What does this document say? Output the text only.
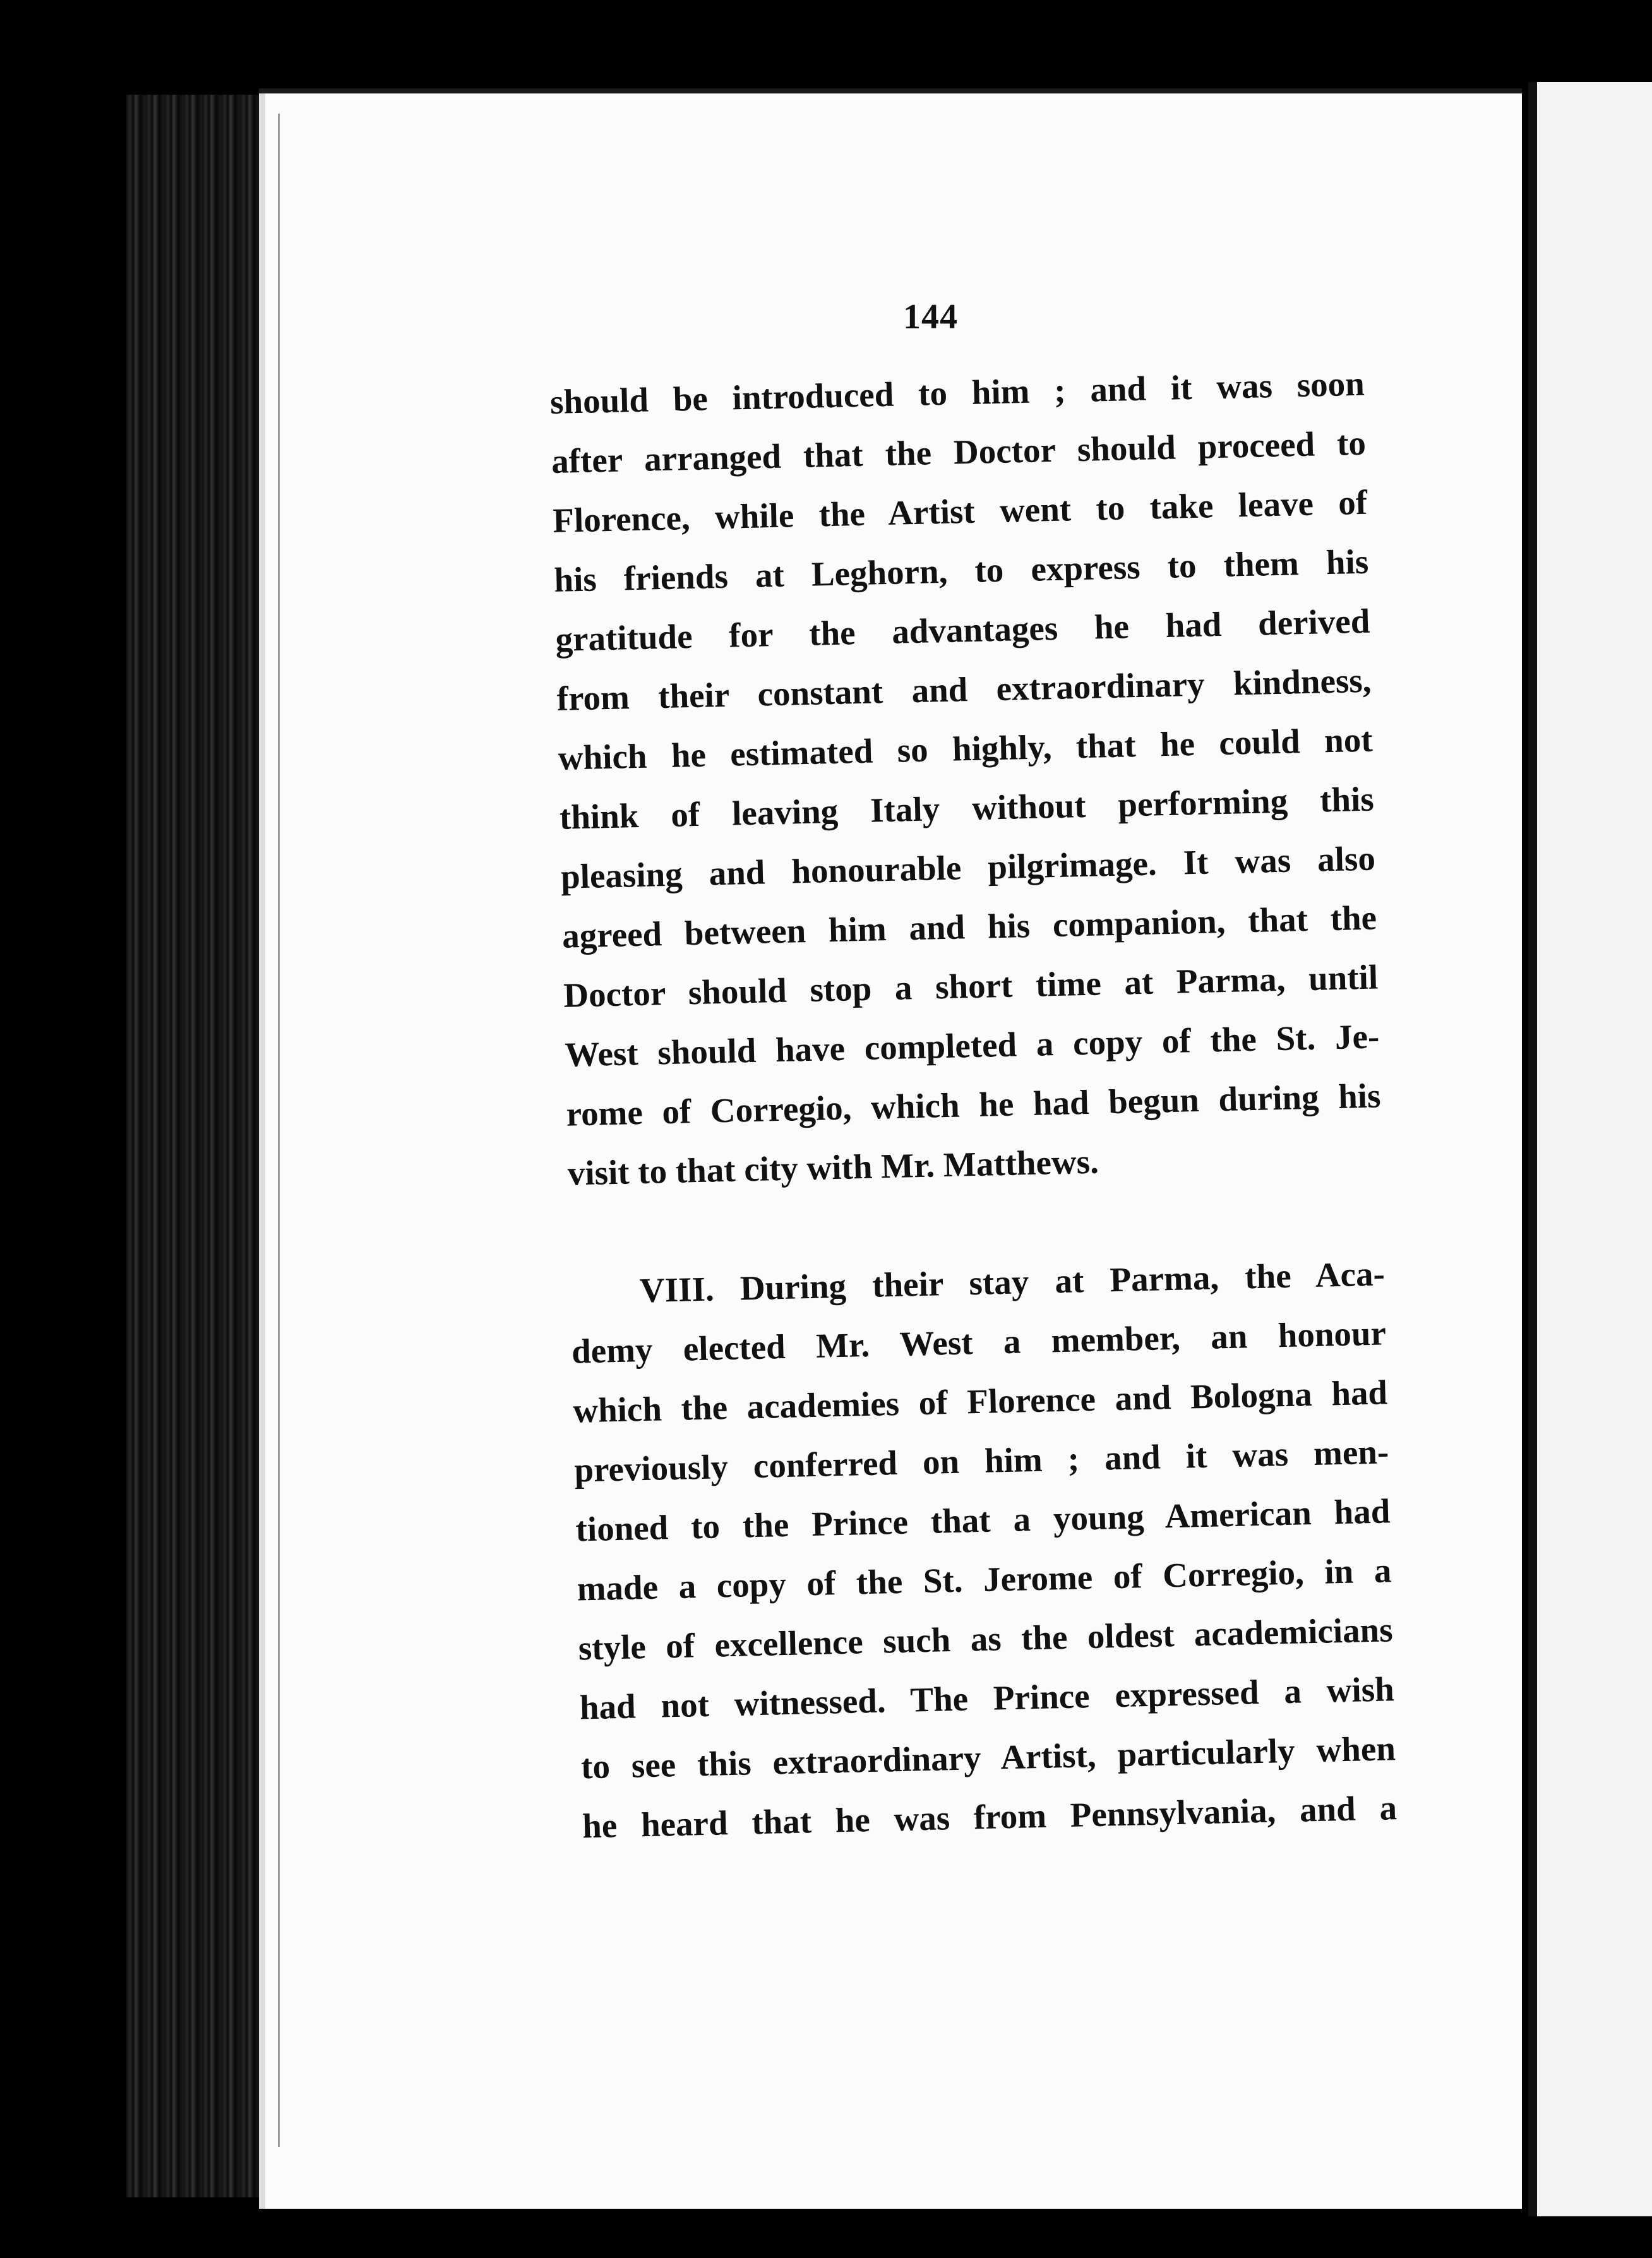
144
should be introduced to him ; and it was soon
after arranged that the Doctor should proceed to
Florence, while the Artist went to take leave of
his friends at Leghorn, to express to them his
gratitude for the advantages he had derived
from their constant and extraordinary kindness,
which he estimated so highly, that he could not
think of leaving Italy without performing this
pleasing and honourable pilgrimage. It was also
agreed between him and his companion, that the
Doctor should stop a short time at Parma, until
West should have completed a copy of the St. Je-
rome of Corregio, which he had begun during his
visit to that city with Mr. Matthews.
VIII. During their stay at Parma, the Aca-
demy elected Mr. West a member, an honour
which the academies of Florence and Bologna had
previously conferred on him ; and it was men-
tioned to the Prince that a young American had
made a copy of the St. Jerome of Corregio, in a
style of excellence such as the oldest academicians
had not witnessed. The Prince expressed a wish
to see this extraordinary Artist, particularly when
he heard that he was from Pennsylvania, and a
